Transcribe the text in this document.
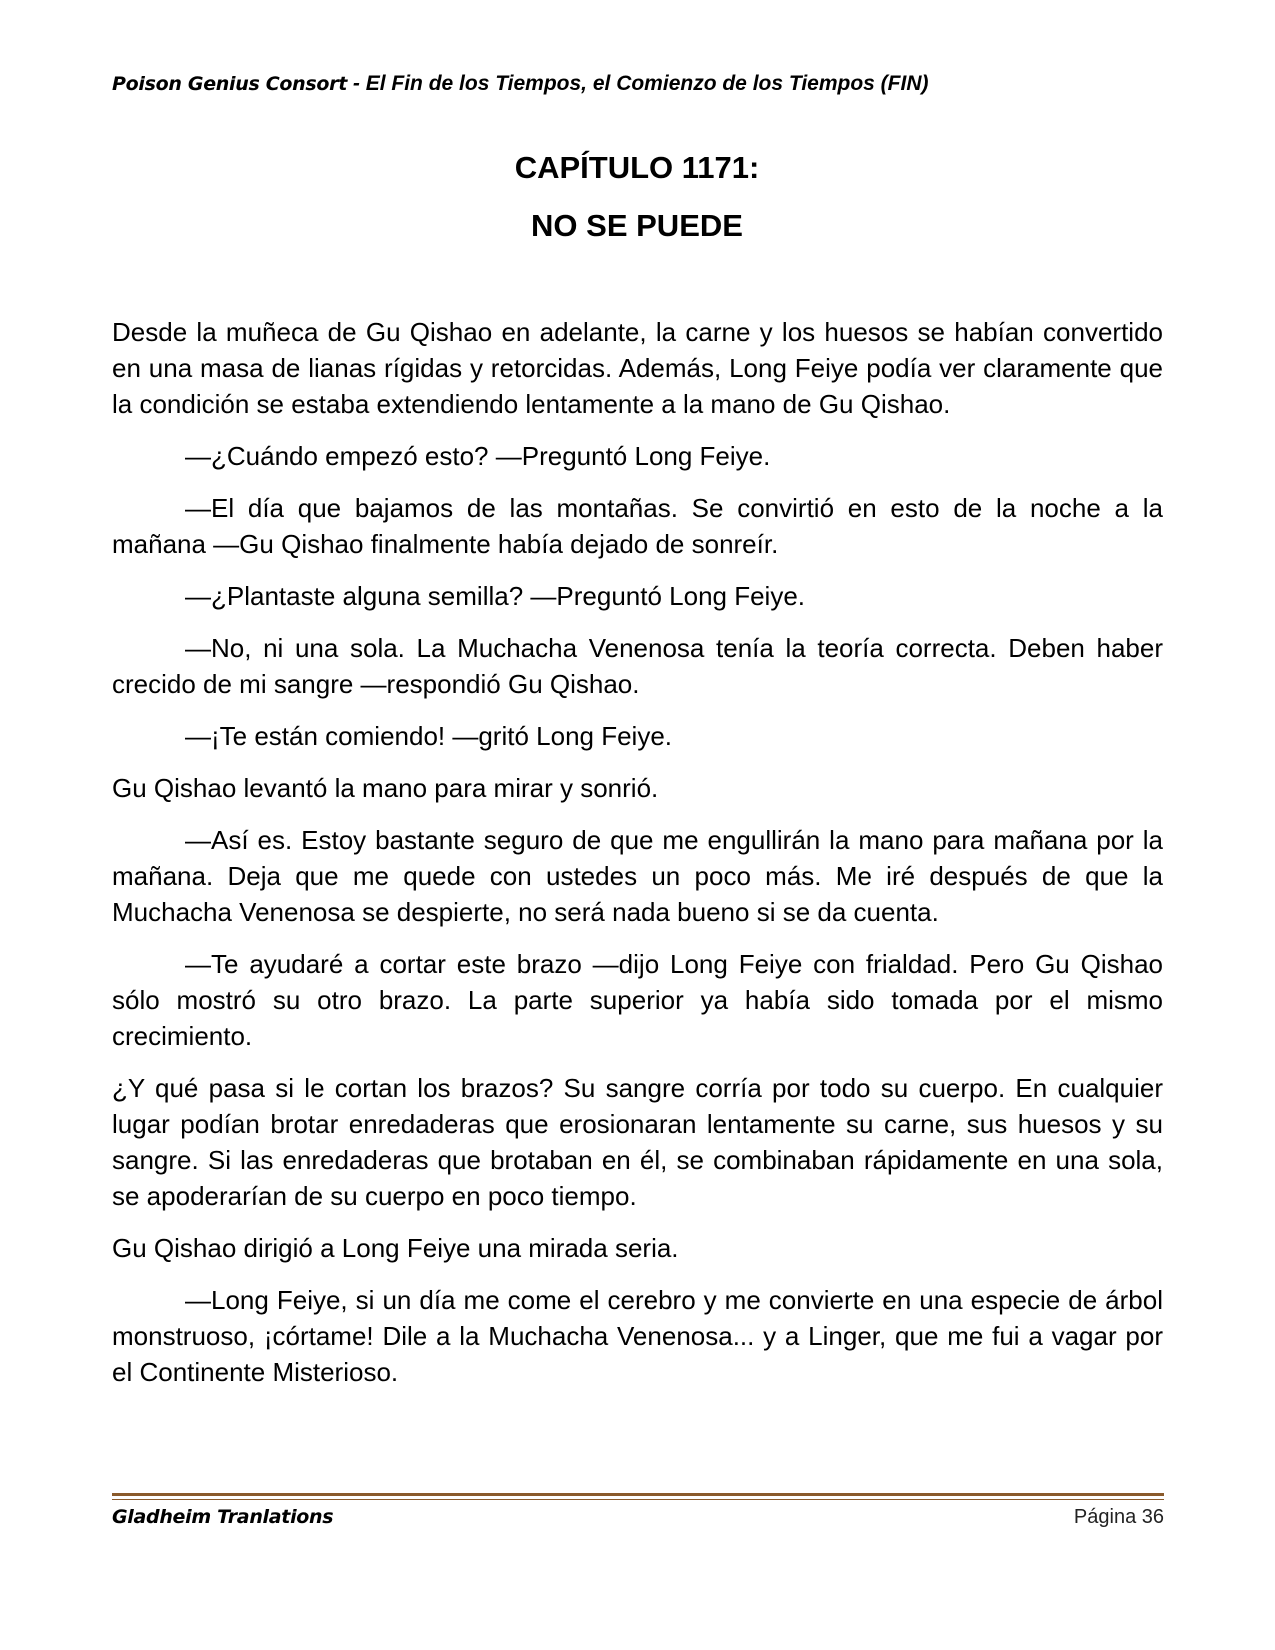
Poison Genius Consort - El Fin de los Tiempos, el Comienzo de los Tiempos (FIN)
CAPÍTULO 1171:
NO SE PUEDE

Desde la muñeca de Gu Qishao en adelante, la carne y los huesos se habían convertido en una masa de lianas rígidas y retorcidas. Además, Long Feiye podía ver claramente que la condición se estaba extendiendo lentamente a la mano de Gu Qishao.

—¿Cuándo empezó esto? —Preguntó Long Feiye.

—El día que bajamos de las montañas. Se convirtió en esto de la noche a la mañana —Gu Qishao finalmente había dejado de sonreír.

—¿Plantaste alguna semilla? —Preguntó Long Feiye.

—No, ni una sola. La Muchacha Venenosa tenía la teoría correcta. Deben haber crecido de mi sangre —respondió Gu Qishao.

—¡Te están comiendo! —gritó Long Feiye.

Gu Qishao levantó la mano para mirar y sonrió.

—Así es. Estoy bastante seguro de que me engullirán la mano para mañana por la mañana. Deja que me quede con ustedes un poco más. Me iré después de que la Muchacha Venenosa se despierte, no será nada bueno si se da cuenta.

—Te ayudaré a cortar este brazo —dijo Long Feiye con frialdad. Pero Gu Qishao sólo mostró su otro brazo. La parte superior ya había sido tomada por el mismo crecimiento.

¿Y qué pasa si le cortan los brazos? Su sangre corría por todo su cuerpo. En cualquier lugar podían brotar enredaderas que erosionaran lentamente su carne, sus huesos y su sangre. Si las enredaderas que brotaban en él, se combinaban rápidamente en una sola, se apoderarían de su cuerpo en poco tiempo.

Gu Qishao dirigió a Long Feiye una mirada seria.

—Long Feiye, si un día me come el cerebro y me convierte en una especie de árbol monstruoso, ¡córtame! Dile a la Muchacha Venenosa... y a Linger, que me fui a vagar por el Continente Misterioso.

Gladheim Tranlations	Página 36
